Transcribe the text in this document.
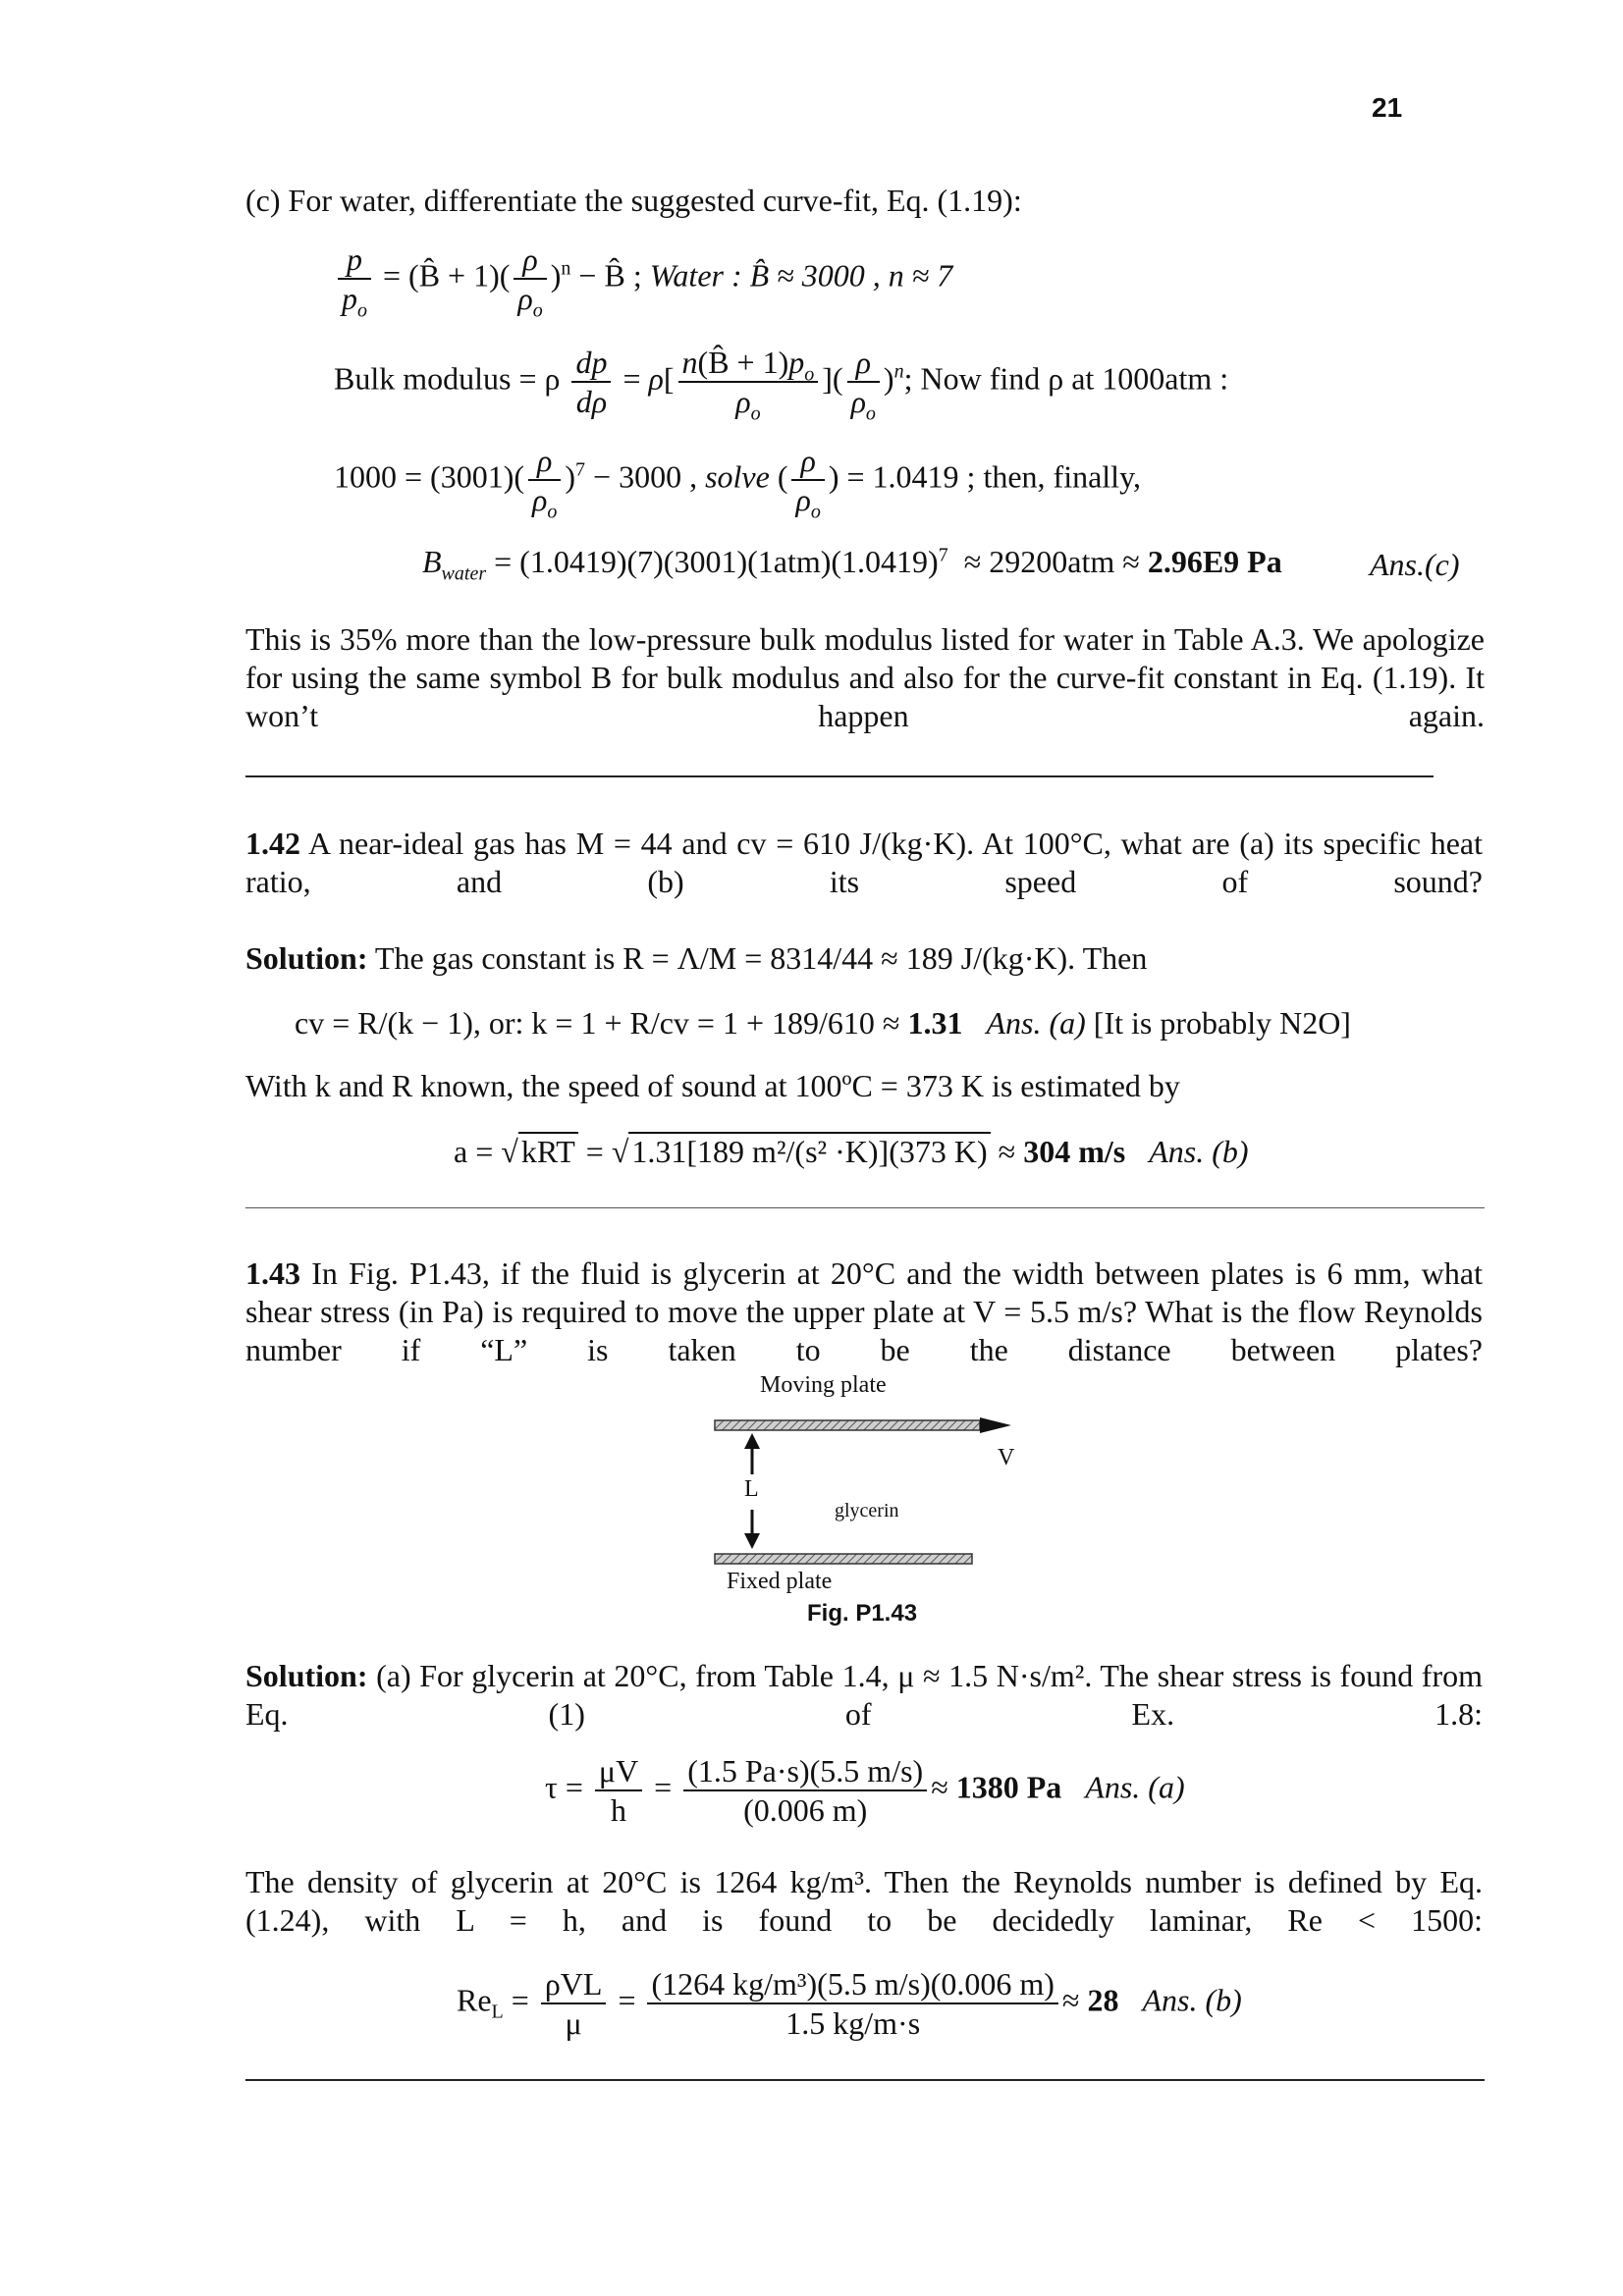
21
(c) For water, differentiate the suggested curve-fit, Eq. (1.19):
$\frac{p}{p_o}$ = (B̂ + $1)( \frac{\rho}{\rho_o} )^n$ − B̂ ; Water : B̂ ≈ 3000 , n ≈ 7
Bulk modulus = ρ $\frac{dp}{d\rho} = \rho[ \frac{n(B̂ + 1)p_o}{\rho_o}$ ]( $\frac{\rho}{\rho_o} )^n$; Now find ρ at 1000atm :
$1000 = (3001)( \frac{\rho}{\rho_o} )^7 - 3000$ , solve ( $\frac{\rho}{\rho_o}$ ) = 1.0419 ; then, finally,
$B_{water} = (1.0419)(7)(3001)(1atm)(1.0419)^7 \approx 29200atm \approx 2.96E9$ Pa	Ans.(c)
This is 35% more than the low-pressure bulk modulus listed for water in Table A.3. We apologize for using the same symbol B for bulk modulus and also for the curve-fit constant in Eq. (1.19). It won’t happen again.
1.42 A near-ideal gas has M = 44 and cv = 610 J/(kg·K). At 100°C, what are (a) its specific heat ratio, and (b) its speed of sound?
Solution: The gas constant is R = Λ/M = 8314/44 ≈ 189 J/(kg·K). Then
cv = R/(k − 1), or: k = 1 + R/cv = 1 + 189/610 ≈ 1.31 Ans. (a) [It is probably N2O]
With k and R known, the speed of sound at 100ºC = 373 K is estimated by
a = √kRT = √1.31[189 m²/(s² ·K)](373 K) ≈ 304 m/s Ans. (b)
1.43 In Fig. P1.43, if the fluid is glycerin at 20°C and the width between plates is 6 mm, what shear stress (in Pa) is required to move the upper plate at V = 5.5 m/s? What is the flow Reynolds number if “L” is taken to be the distance between plates?
Moving plate
V
L
glycerin
Fixed plate
Fig. P1.43
Solution: (a) For glycerin at 20°C, from Table 1.4, μ ≈ 1.5 N·s/m². The shear stress is found from Eq. (1) of Ex. 1.8:
$\tau = \frac{\mu V}{h} = \frac{(1.5 Pa\cdot s)(5.5 m/s)}{(0.006 m)} \approx 1380$ Pa Ans. (a)
The density of glycerin at 20°C is 1264 kg/m³. Then the Reynolds number is defined by Eq. (1.24), with L = h, and is found to be decidedly laminar, Re < 1500:
$Re_L = \frac{\text{ρVL}}{\mu} = \frac{\text{(1264 kg/m³)(5.5 m/s)(0.006 m)}}{1.5 kg/m\cdot s} \approx 28$ Ans. (b)
